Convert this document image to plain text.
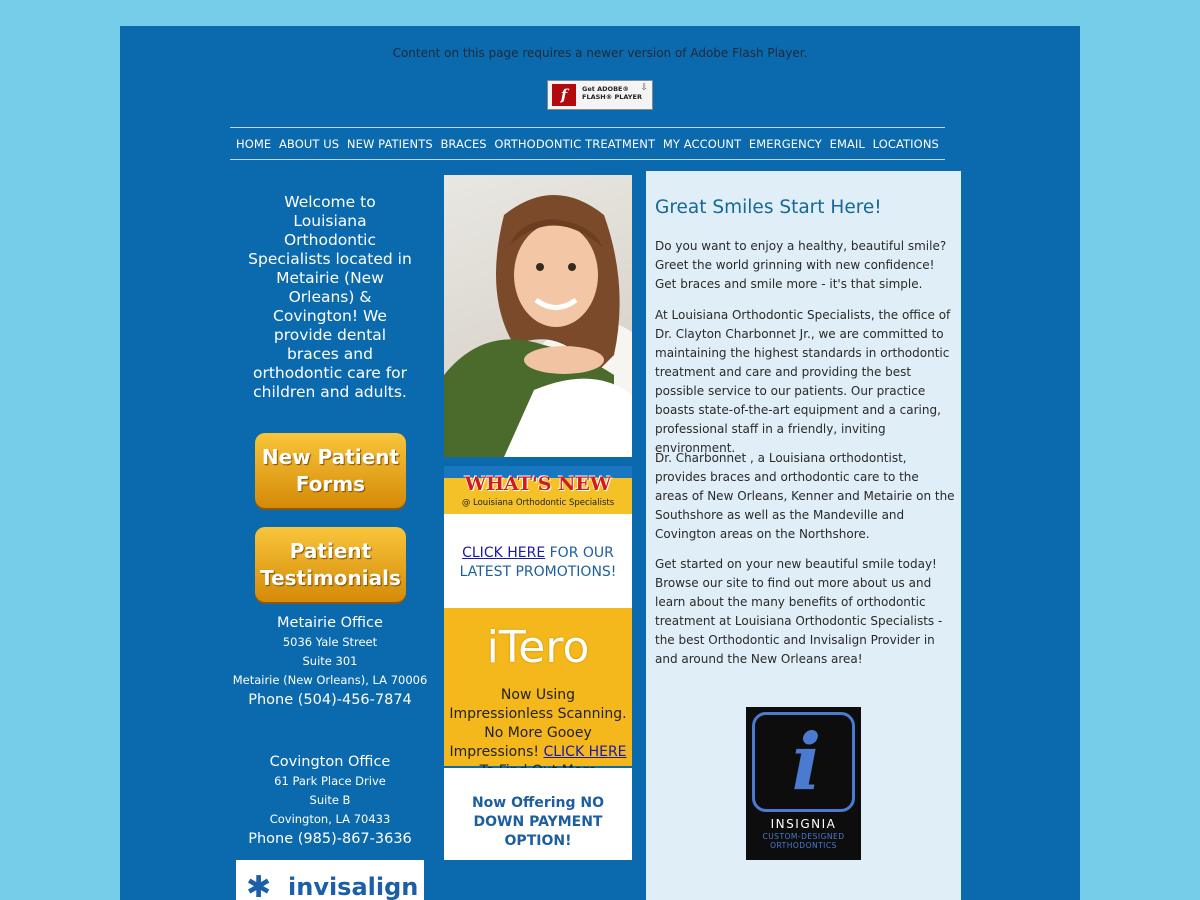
Content on this page requires a newer version of Adobe Flash Player.
f	Get ADOBE®
FLASH® PLAYER
⇩
HOME ABOUT US NEW PATIENTS BRACES ORTHODONTIC TREATMENT MY ACCOUNT EMERGENCY EMAIL LOCATIONS
Welcome to Louisiana Orthodontic Specialists located in Metairie (New Orleans) & Covington! We provide dental braces and orthodontic care for children and adults.
New Patient
Forms
Patient
Testimonials
Metairie Office
5036 Yale Street
Suite 301
Metairie (New Orleans), LA 70006
Phone (504)-456-7874
Covington Office
61 Park Place Drive
Suite B
Covington, LA 70433
Phone (985)-867-3636
✱ invisalign
WHAT'S NEW
@ Louisiana Orthodontic Specialists
CLICK HERE FOR OUR LATEST PROMOTIONS!
iTero
Now Using Impressionless Scanning. No More Gooey Impressions! CLICK HERE
Now Offering NO DOWN PAYMENT OPTION!
Great Smiles Start Here!
Do you want to enjoy a healthy, beautiful smile? Greet the world grinning with new confidence! Get braces and smile more - it's that simple.
At Louisiana Orthodontic Specialists, the office of Dr. Clayton Charbonnet Jr., we are committed to maintaining the highest standards in orthodontic treatment and care and providing the best possible service to our patients. Our practice boasts state-of-the-art equipment and a caring, professional staff in a friendly, inviting environment.
Dr. Charbonnet , a Louisiana orthodontist, provides braces and orthodontic care to the areas of New Orleans, Kenner and Metairie on the Southshore as well as the Mandeville and Covington areas on the Northshore.
Get started on your new beautiful smile today! Browse our site to find out more about us and learn about the many benefits of orthodontic treatment at Louisiana Orthodontic Specialists - the best Orthodontic and Invisalign Provider in and around the New Orleans area!
i
INSIGNIA
CUSTOM-DESIGNED ORTHODONTICS
